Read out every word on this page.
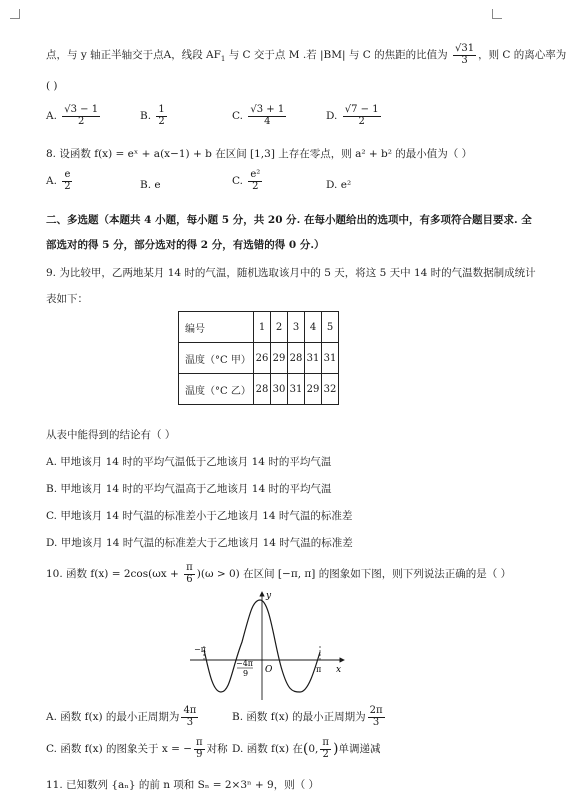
点，与 y 轴正半轴交于点A，线段 $AF_1$ 与 C 交于点 M .若 |BM| 与 C 的焦距的比值为 $\frac{√31}{3}$ ，则 C 的离心率为
( )
A. $\frac{√3 - 1}{2}$	B. $\frac{1}{2}$	C. $\frac{√3 + 1}{4}$	D. $\frac{√7 - 1}{2}$
8. 设函数 f(x) = eˣ + a(x−1) + b 在区间 [1,3] 上存在零点，则 a² + b² 的最小值为（ ）
A. $\frac{e}{2}$	B. e	C. $\frac{\text{e²}}{2}$	D. e²
二、多选题（本题共 4 小题，每小题 5 分，共 20 分. 在每小题给出的选项中，有多项符合题目要求. 全
部选对的得 5 分，部分选对的得 2 分，有选错的得 0 分.）
9. 为比较甲，乙两地某月 14 时的气温，随机选取该月中的 5 天，将这 5 天中 14 时的气温数据制成统计
表如下：
编号	1	2	3	4	5
温度（°C 甲）	26	29	28	31	31
温度（°C 乙）	28	30	31	29	32
从表中能得到的结论有（ ）
A. 甲地该月 14 时的平均气温低于乙地该月 14 时的平均气温
B. 甲地该月 14 时的平均气温高于乙地该月 14 时的平均气温
C. 甲地该月 14 时气温的标准差小于乙地该月 14 时气温的标准差
D. 甲地该月 14 时气温的标准差大于乙地该月 14 时气温的标准差
10. 函数 $f(x) = 2\cos(\omega x + \frac{\pi}{6} )(\omega > 0)$ 在区间 [−π, π] 的图象如下图，则下列说法正确的是（ ）
y
x
O
−π
π
−4π
9
A. 函数 f(x) 的最小正周期为 $\frac{4\pi}{3}$	B. 函数 f(x) 的最小正周期为 $\frac{2\pi}{3}$
C. 函数 f(x) 的图象关于 x = − $\frac{\pi}{9}$ 对称 D. 函数 f(x) 在(0, $\frac{\pi}{2}$ )单调递减
11. 已知数列 {aₙ} 的前 n 项和 Sₙ = 2×3ⁿ + 9，则（ ）
